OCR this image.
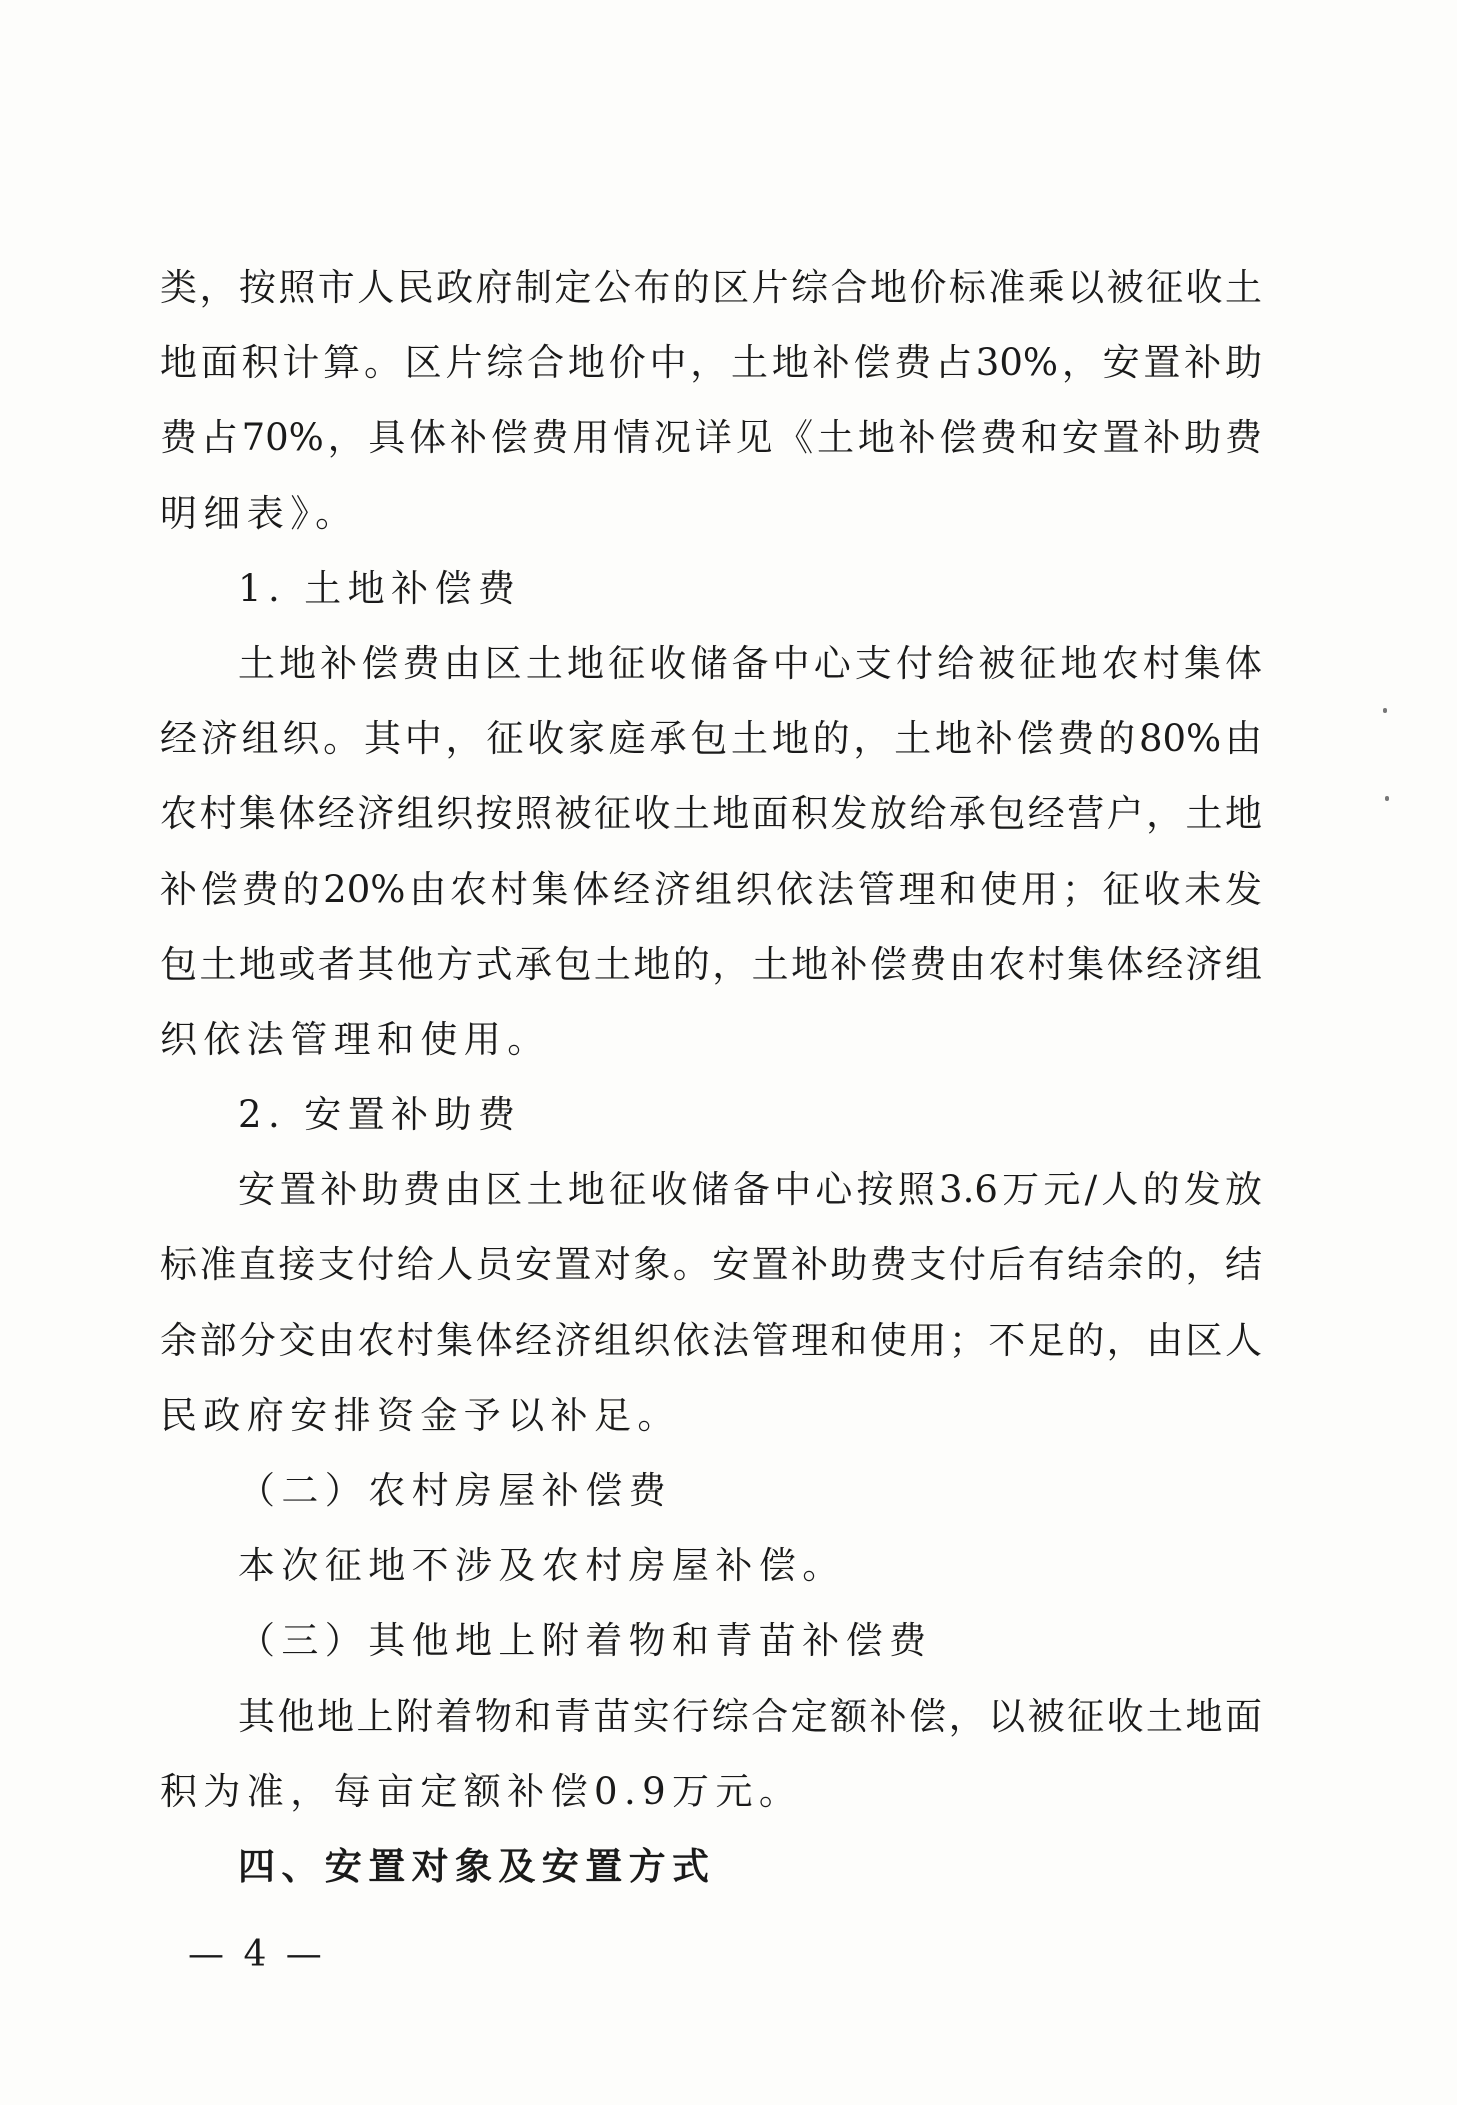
类，按照市人民政府制定公布的区片综合地价标准乘以被征收土
地面积计算。区片综合地价中，土地补偿费占30%，安置补助
费占70%，具体补偿费用情况详见《土地补偿费和安置补助费
明细表》。
1. 土地补偿费
土地补偿费由区土地征收储备中心支付给被征地农村集体
经济组织。其中，征收家庭承包土地的，土地补偿费的80%由
农村集体经济组织按照被征收土地面积发放给承包经营户，土地
补偿费的20%由农村集体经济组织依法管理和使用；征收未发
包土地或者其他方式承包土地的，土地补偿费由农村集体经济组
织依法管理和使用。
2. 安置补助费
安置补助费由区土地征收储备中心按照3.6万元/人的发放
标准直接支付给人员安置对象。安置补助费支付后有结余的，结
余部分交由农村集体经济组织依法管理和使用；不足的，由区人
民政府安排资金予以补足。
（二）农村房屋补偿费
本次征地不涉及农村房屋补偿。
（三）其他地上附着物和青苗补偿费
其他地上附着物和青苗实行综合定额补偿，以被征收土地面
积为准，每亩定额补偿0.9万元。
四、安置对象及安置方式
— 4 —
